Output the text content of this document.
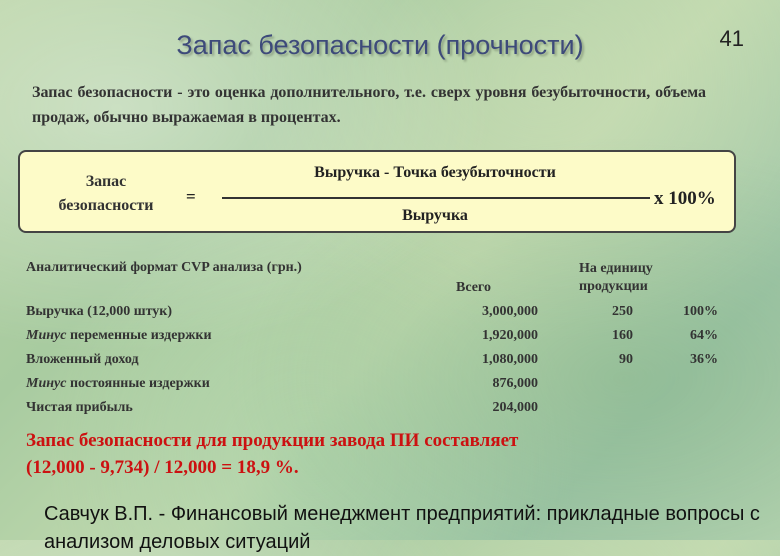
Запас безопасности (прочности)	41
Запас безопасности - это оценка дополнительного, т.е. сверх уровня безубыточности, объема продаж, обычно выражаемая в процентах.
Запас
безопасности	=
Выручка - Точка безубыточности
Выручка
х 100%
Аналитический формат CVP анализа (грн.)
Всего
На единицу
продукции
Выручка (12,000 штук)	3,000,000	250	100%
Минус переменные издержки	1,920,000	160	64%
Вложенный доход	1,080,000	90	36%
Минус постоянные издержки	876,000
Чистая прибыль	204,000
Запас безопасности для продукции завода ПИ составляет
(12,000 - 9,734) / 12,000 = 18,9 %.
Савчук В.П. - Финансовый менеджмент предприятий: прикладные вопросы с анализом деловых ситуаций
